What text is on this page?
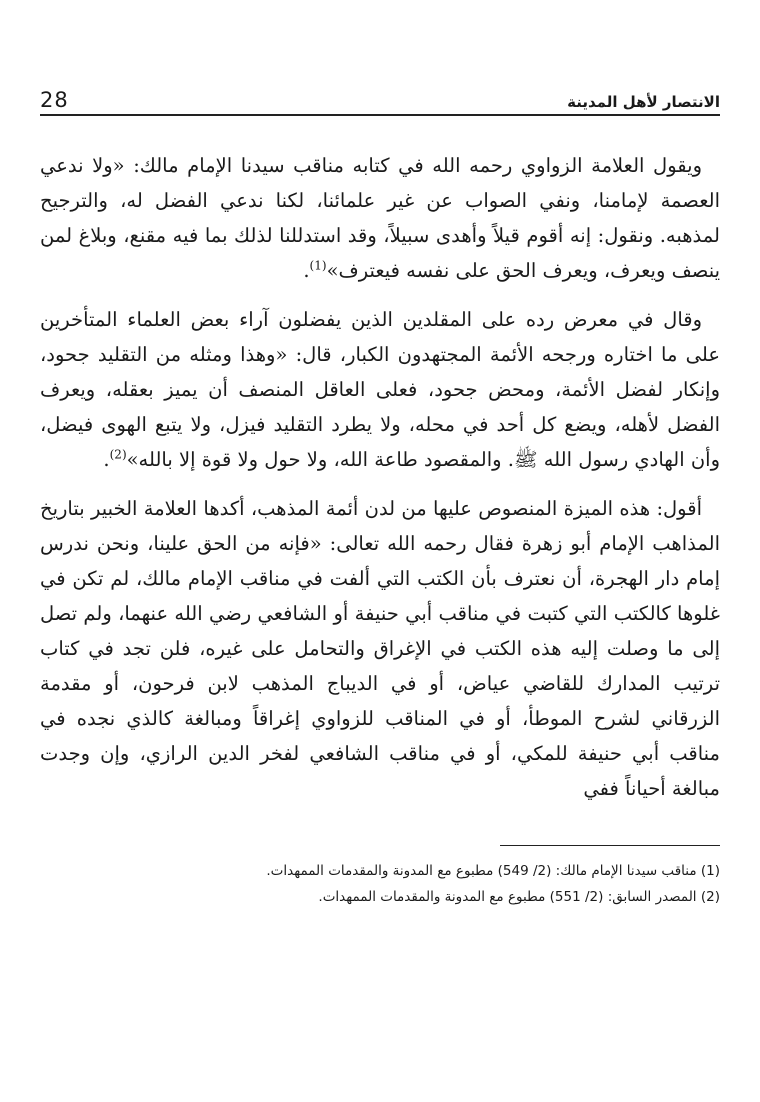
28	الانتصار لأهل المدينة

ويقول العلامة الزواوي رحمه الله في كتابه مناقب سيدنا الإمام مالك: «ولا ندعي العصمة لإمامنا، ونفي الصواب عن غير علمائنا، لكنا ندعي الفضل له، والترجيح لمذهبه. ونقول: إنه أقوم قيلاً وأهدى سبيلاً، وقد استدللنا لذلك بما فيه مقنع، وبلاغ لمن ينصف ويعرف، ويعرف الحق على نفسه فيعترف»$^{(1)}$.

وقال في معرض رده على المقلدين الذين يفضلون آراء بعض العلماء المتأخرين على ما اختاره ورجحه الأئمة المجتهدون الكبار، قال: «وهذا ومثله من التقليد جحود، وإنكار لفضل الأئمة، ومحض جحود، فعلى العاقل المنصف أن يميز بعقله، ويعرف الفضل لأهله، ويضع كل أحد في محله، ولا يطرد التقليد فيزل، ولا يتبع الهوى فيضل، وأن الهادي رسول الله ﷺ. والمقصود طاعة الله، ولا حول ولا قوة إلا بالله»$^{(2)}$.

أقول: هذه الميزة المنصوص عليها من لدن أئمة المذهب، أكدها العلامة الخبير بتاريخ المذاهب الإمام أبو زهرة فقال رحمه الله تعالى: «فإنه من الحق علينا، ونحن ندرس إمام دار الهجرة، أن نعترف بأن الكتب التي ألفت في مناقب الإمام مالك، لم تكن في غلوها كالكتب التي كتبت في مناقب أبي حنيفة أو الشافعي رضي الله عنهما، ولم تصل إلى ما وصلت إليه هذه الكتب في الإغراق والتحامل على غيره، فلن تجد في كتاب ترتيب المدارك للقاضي عياض، أو في الديباج المذهب لابن فرحون، أو مقدمة الزرقاني لشرح الموطأ، أو في المناقب للزواوي إغراقاً ومبالغة كالذي نجده في مناقب أبي حنيفة للمكي، أو في مناقب الشافعي لفخر الدين الرازي، وإن وجدت مبالغة أحياناً ففي

(1) مناقب سيدنا الإمام مالك: (2/ 549) مطبوع مع المدونة والمقدمات الممهدات.

(2) المصدر السابق: (2/ 551) مطبوع مع المدونة والمقدمات الممهدات.
